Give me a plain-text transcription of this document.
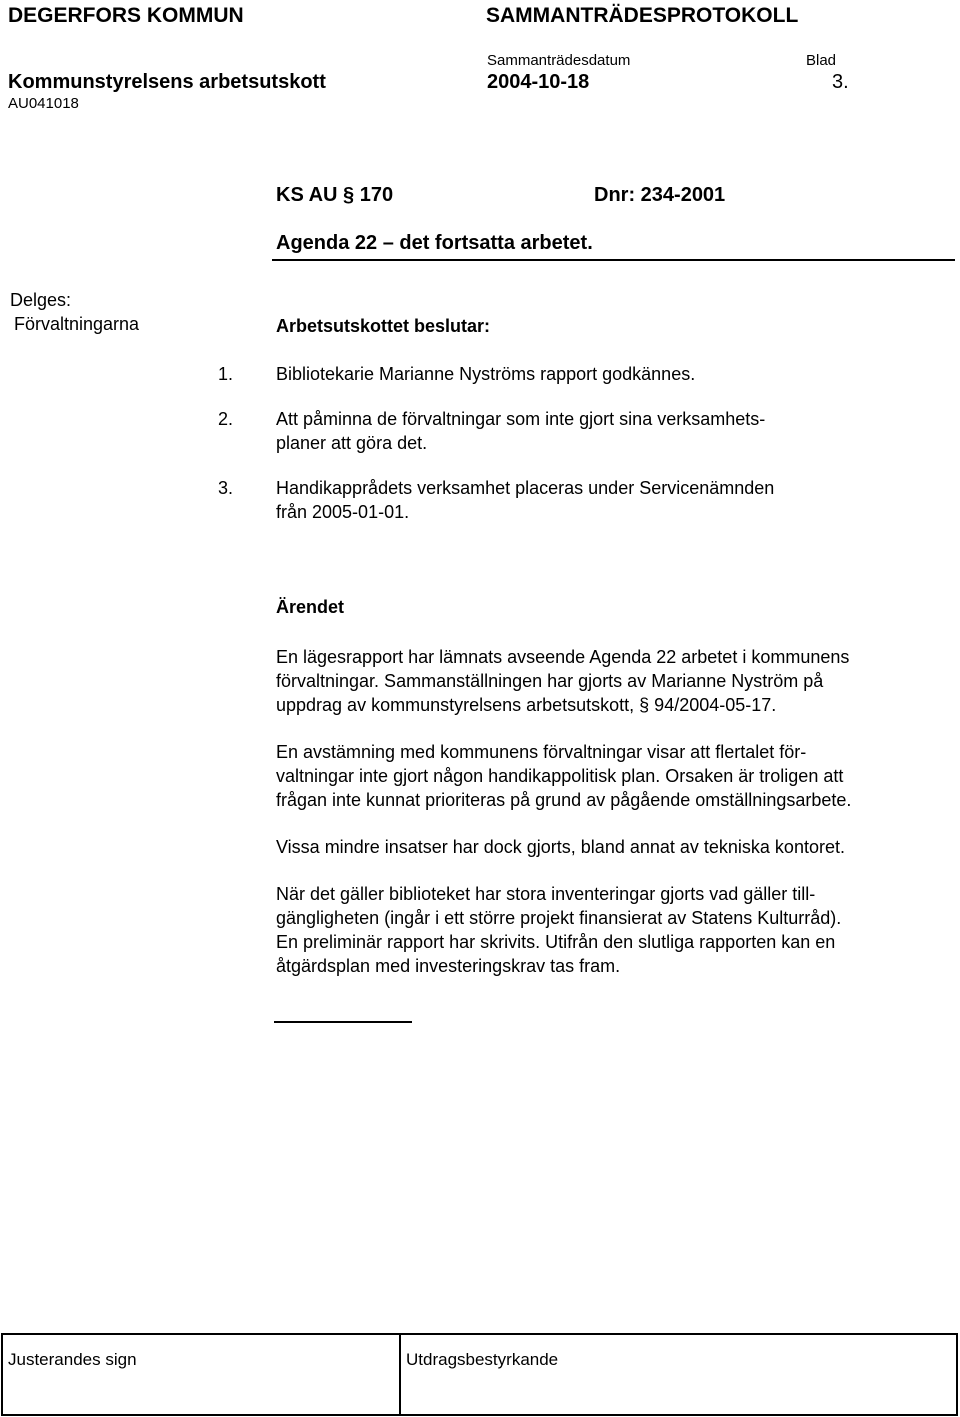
DEGERFORS KOMMUN	SAMMANTRÄDESPROTOKOLL
Sammanträdesdatum	Blad
Kommunstyrelsens arbetsutskott	2004-10-18	3.
AU041018
KS AU § 170	Dnr: 234-2001
Agenda 22 – det fortsatta arbetet.
Delges:
Förvaltningarna	Arbetsutskottet beslutar:
1. Bibliotekarie Marianne Nyströms rapport godkännes.
2. Att påminna de förvaltningar som inte gjort sina verksamhets-
planer att göra det.
3. Handikapprådets verksamhet placeras under Servicenämnden
från 2005-01-01.
Ärendet

En lägesrapport har lämnats avseende Agenda 22 arbetet i kommunens
förvaltningar. Sammanställningen har gjorts av Marianne Nyström på
uppdrag av kommunstyrelsens arbetsutskott, § 94/2004-05-17.

En avstämning med kommunens förvaltningar visar att flertalet för-
valtningar inte gjort någon handikappolitisk plan. Orsaken är troligen att
frågan inte kunnat prioriteras på grund av pågående omställningsarbete.

Vissa mindre insatser har dock gjorts, bland annat av tekniska kontoret.

När det gäller biblioteket har stora inventeringar gjorts vad gäller till-
gängligheten (ingår i ett större projekt finansierat av Statens Kulturråd).
En preliminär rapport har skrivits. Utifrån den slutliga rapporten kan en
åtgärdsplan med investeringskrav tas fram.

Justerandes sign	Utdragsbestyrkande
